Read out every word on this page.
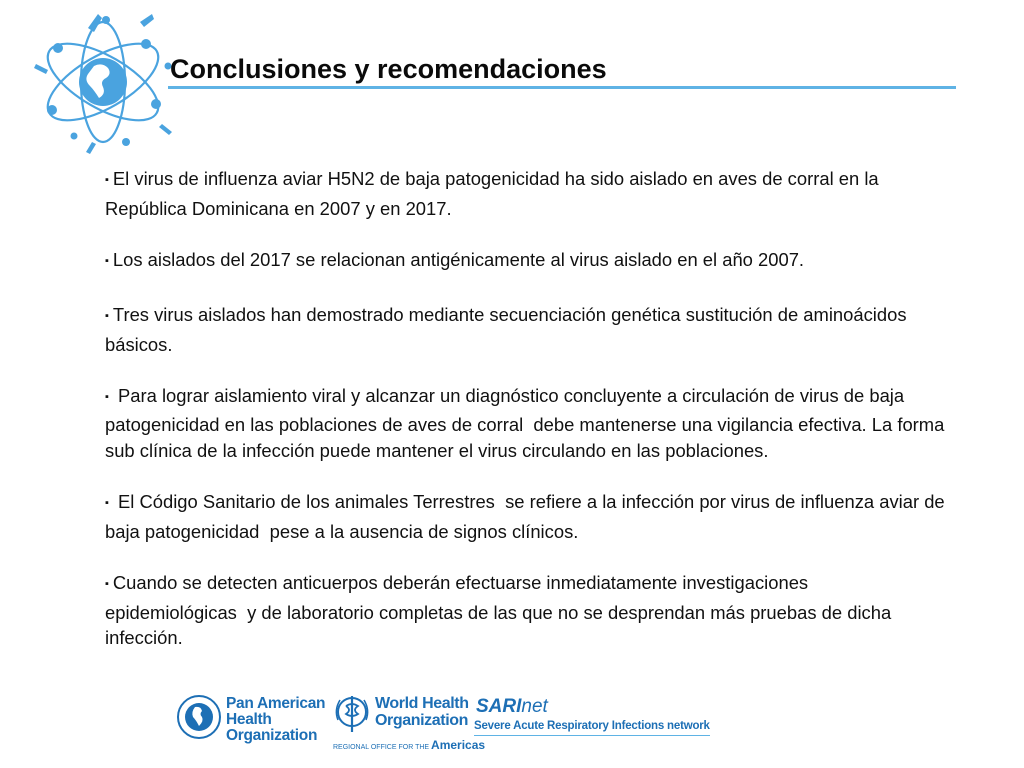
Conclusiones y recomendaciones

▪ El virus de influenza aviar H5N2 de baja patogenicidad ha sido aislado en aves de corral en la República Dominicana en 2007 y en 2017.

▪ Los aislados del 2017 se relacionan antigénicamente al virus aislado en el año 2007.

▪ Tres virus aislados han demostrado mediante secuenciación genética sustitución de aminoácidos básicos.

▪ Para lograr aislamiento viral y alcanzar un diagnóstico concluyente a circulación de virus de baja patogenicidad en las poblaciones de aves de corral  debe mantenerse una vigilancia efectiva. La forma sub clínica de la infección puede mantener el virus circulando en las poblaciones.

▪ El Código Sanitario de los animales Terrestres  se refiere a la infección por virus de influenza aviar de baja patogenicidad  pese a la ausencia de signos clínicos.

▪ Cuando se detecten anticuerpos deberán efectuarse inmediatamente investigaciones epidemiológicas  y de laboratorio completas de las que no se desprendan más pruebas de dicha infección.

Pan American
Health
Organization
World Health
Organization
REGIONAL OFFICE FOR THE Americas
SARInet
Severe Acute Respiratory Infections network
